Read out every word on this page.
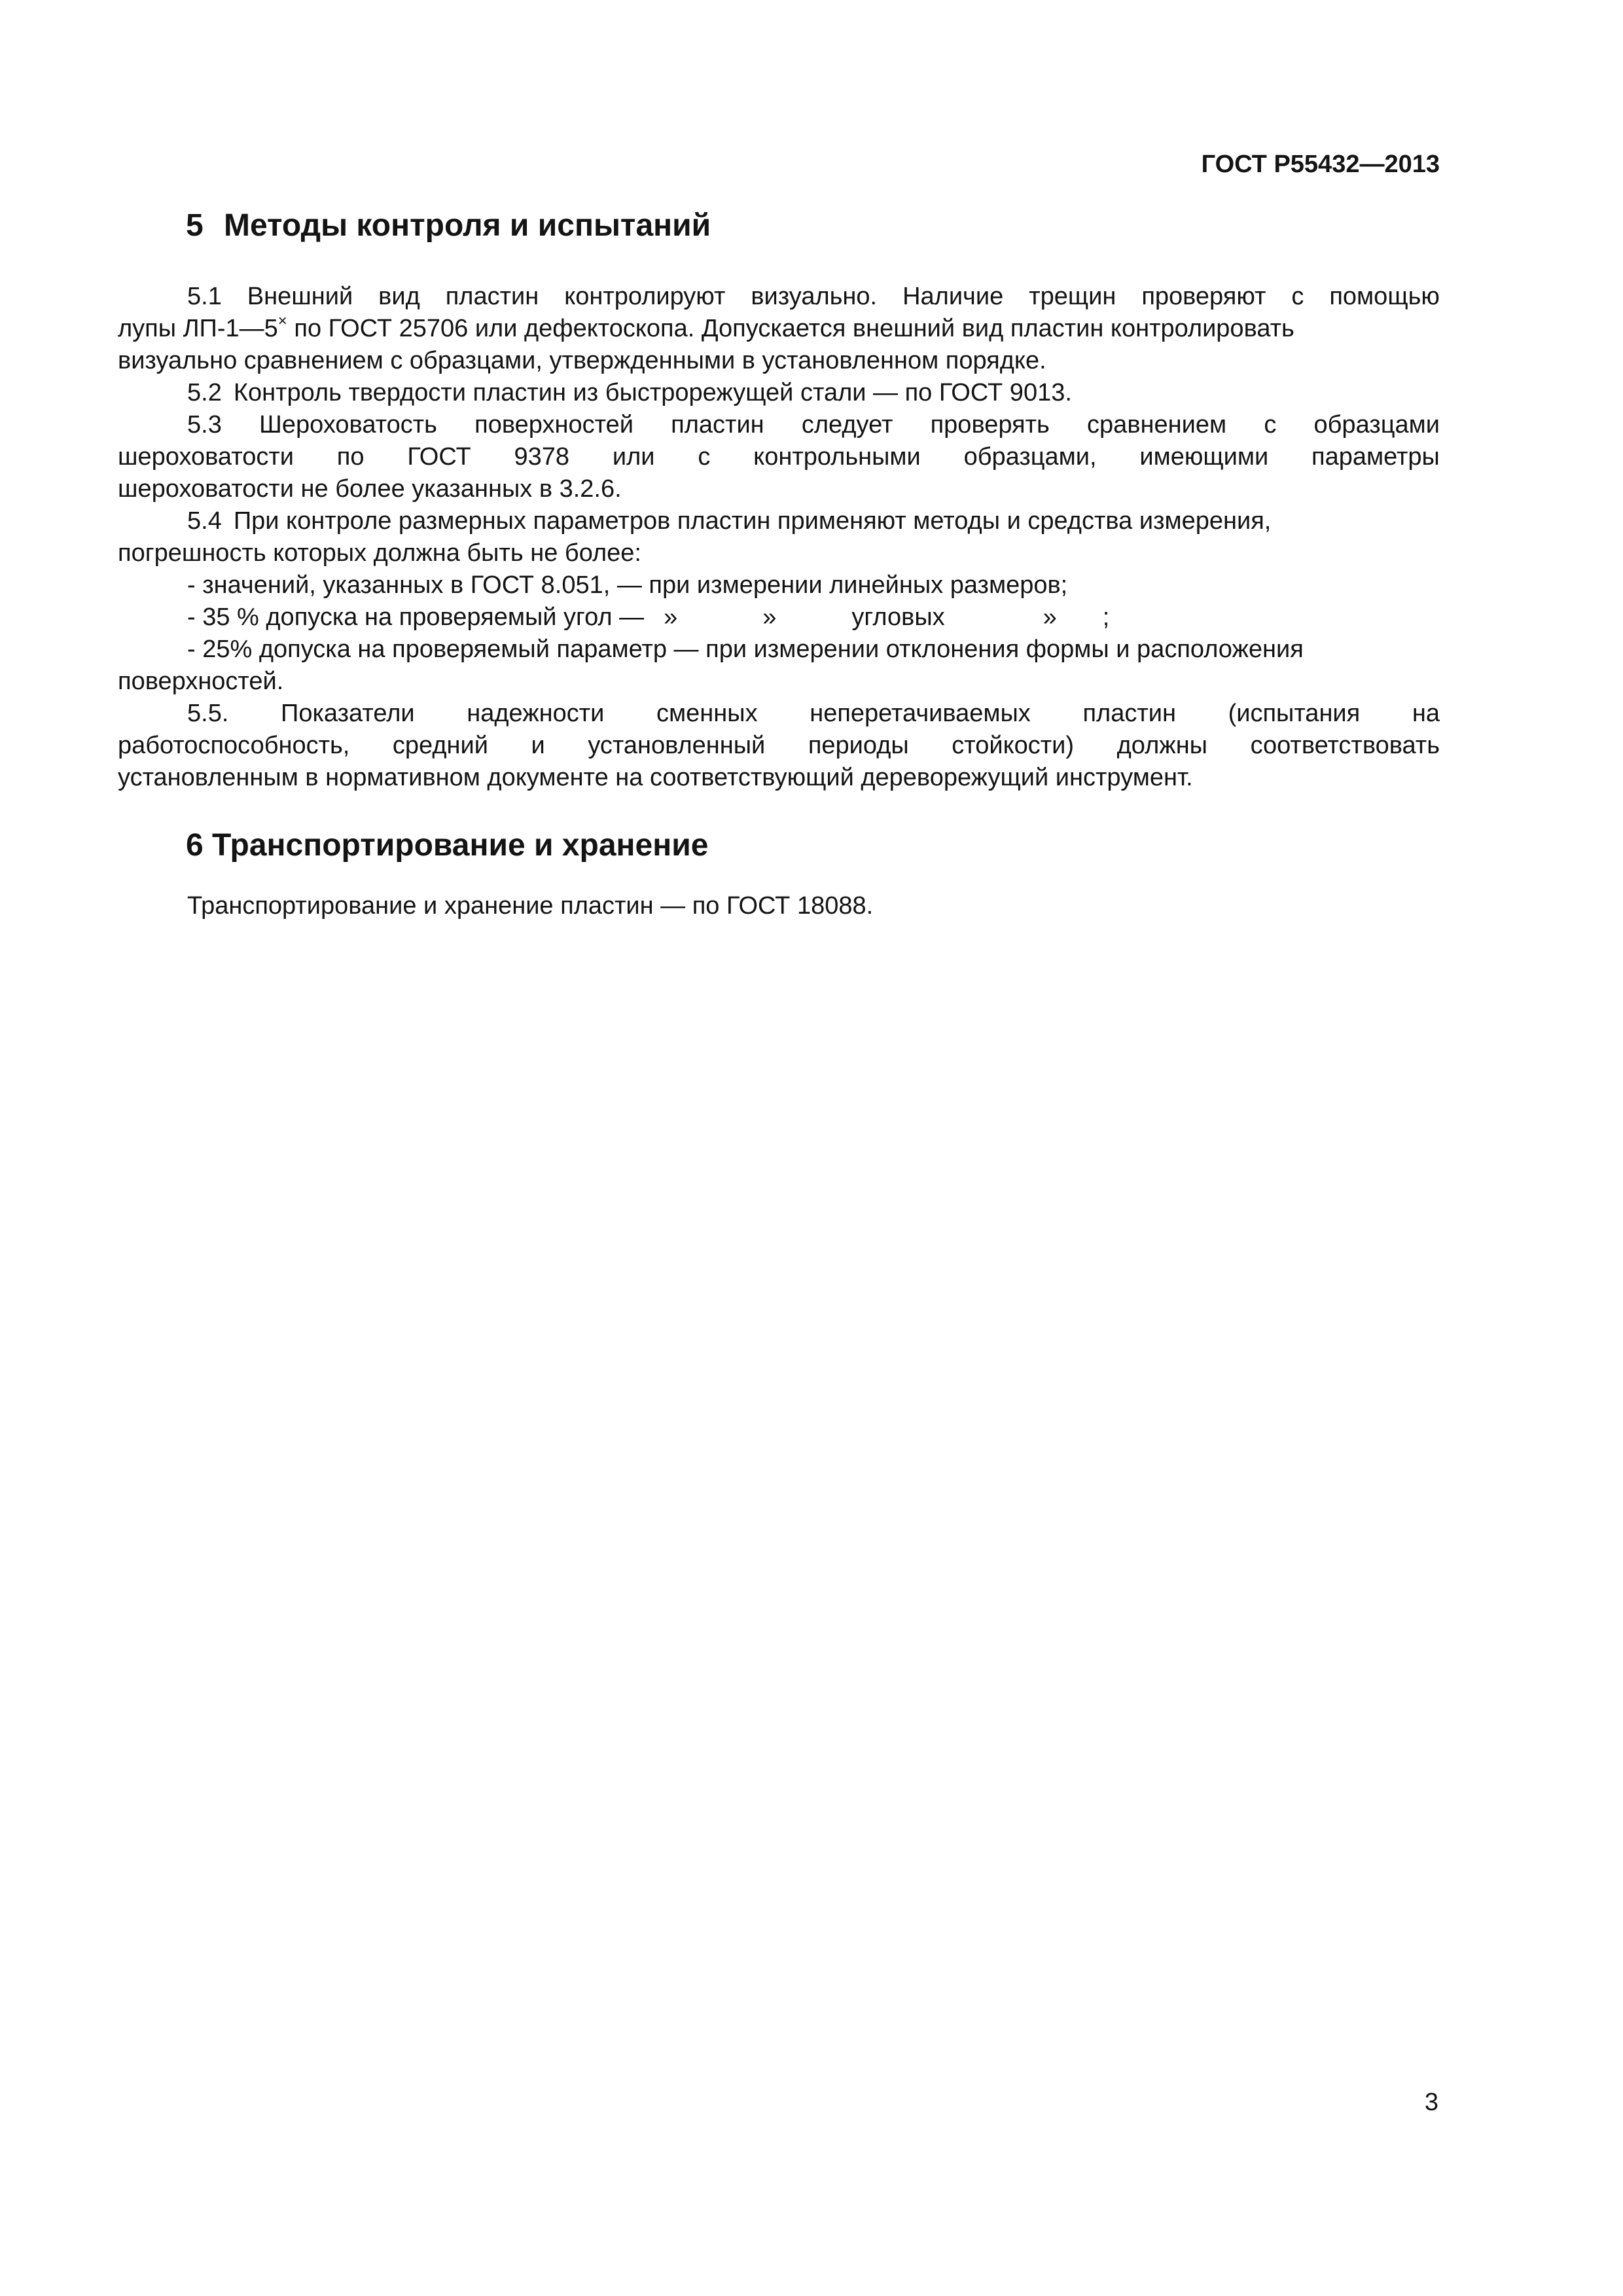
ГОСТ Р55432—2013
5 Методы контроля и испытаний
5.1 Внешний вид пластин контролируют визуально. Наличие трещин проверяют с помощью
лупы ЛП-1—5× по ГОСТ 25706 или дефектоскопа. Допускается внешний вид пластин контролировать
визуально сравнением с образцами, утвержденными в установленном порядке.
5.2 Контроль твердости пластин из быстрорежущей стали — по ГОСТ 9013.
5.3 Шероховатость поверхностей пластин следует проверять сравнением с образцами
шероховатости по ГОСТ 9378 или с контрольными образцами, имеющими параметры
шероховатости не более указанных в 3.2.6.
5.4 При контроле размерных параметров пластин применяют методы и средства измерения,
погрешность которых должна быть не более:
- значений, указанных в ГОСТ 8.051, — при измерении линейных размеров;
- 35 % допуска на проверяемый угол — »	»	угловых	» ;
- 25% допуска на проверяемый параметр — при измерении отклонения формы и расположения
поверхностей.
5.5. Показатели надежности сменных неперетачиваемых пластин (испытания на
работоспособность, средний и установленный периоды стойкости) должны соответствовать
установленным в нормативном документе на соответствующий дереворежущий инструмент.
6 Транспортирование и хранение
Транспортирование и хранение пластин — по ГОСТ 18088.
3
